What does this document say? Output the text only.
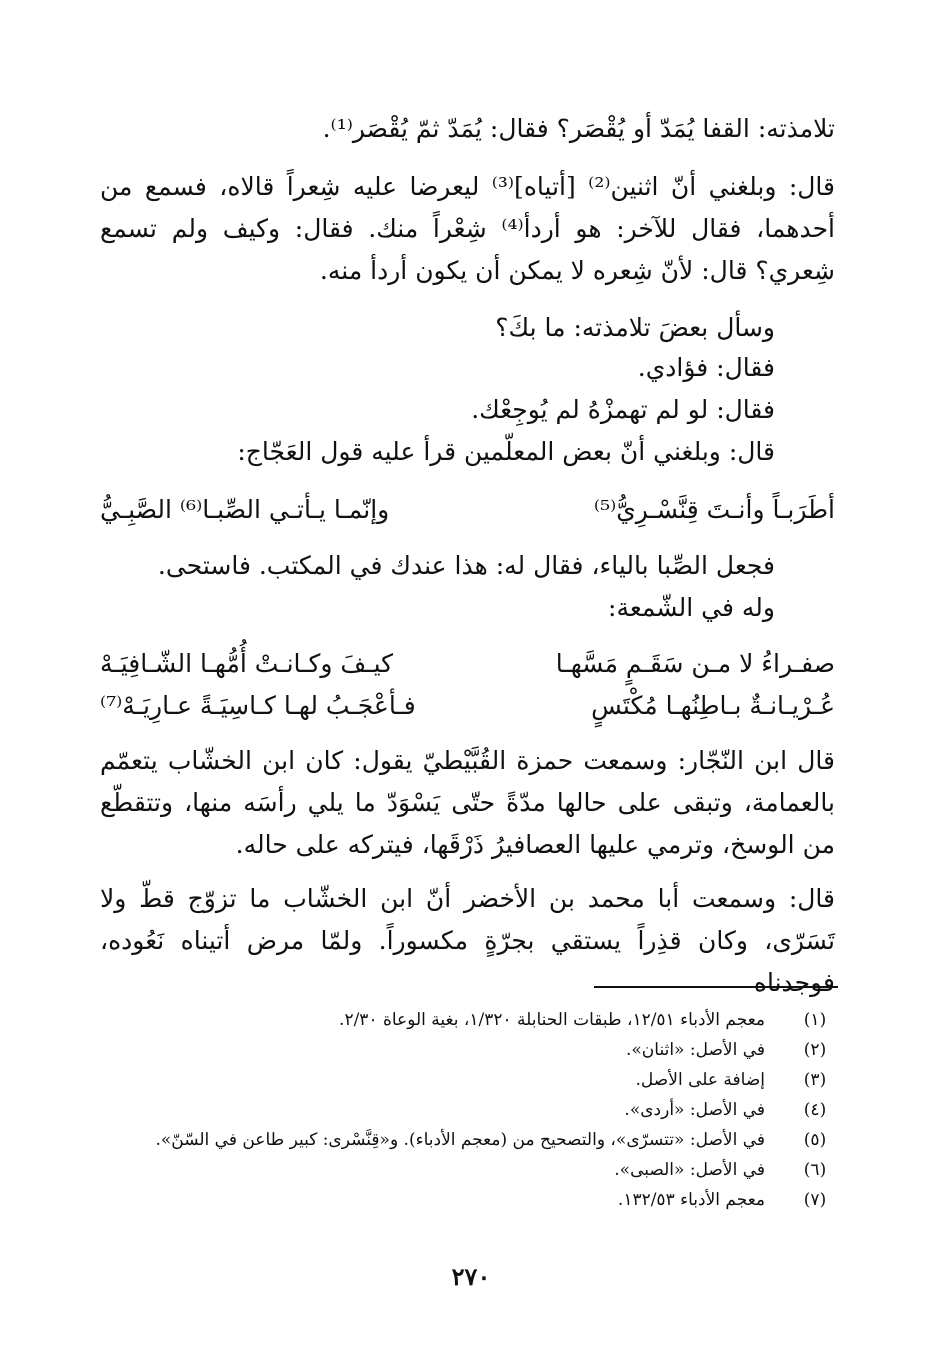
تلامذته: القفا يُمَدّ أو يُقْصَر؟ فقال: يُمَدّ ثمّ يُقْصَر⁽¹⁾.
قال: وبلغني أنّ اثنين⁽²⁾ [أتياه]⁽³⁾ ليعرضا عليه شِعراً قالاه، فسمع من أحدهما، فقال للآخر: هو أردأ⁽⁴⁾ شِعْراً منك. فقال: وكيف ولم تسمع شِعري؟ قال: لأنّ شِعره لا يمكن أن يكون أردأ منه.
وسأل بعضَ تلامذته: ما بكَ؟
فقال: فؤادي.
فقال: لو لم تهمزْهُ لم يُوجِعْك.
قال: وبلغني أنّ بعض المعلّمين قرأ عليه قول العَجّاج:
أطَرَبـاً وأنـتَ قِنَّسْـرِيُّ⁽⁵⁾
وإنّمـا يـأتـي الصِّبـا⁽⁶⁾ الصَّبِـيُّ
فجعل الصِّبا بالياء، فقال له: هذا عندك في المكتب. فاستحى.
وله في الشّمعة:
صفـراءُ لا مـن سَقَـمٍ مَسَّهـا
كيـفَ وكـانـتْ أُمُّهـا الشّـافِيَـهْ
عُـرْيـانـةٌ بـاطِنُهـا مُكْتَسٍ
فـأعْجَـبُ لهـا كـاسِيَـةً عـارِيَـهْ⁽⁷⁾
قال ابن النّجّار: وسمعت حمزة القُبَّيْطيّ يقول: كان ابن الخشّاب يتعمّم بالعمامة، وتبقى على حالها مدّةً حتّى يَسْوَدّ ما يلي رأسَه منها، وتتقطّع من الوسخ، وترمي عليها العصافيرُ ذَرْقَها، فيتركه على حاله.
قال: وسمعت أبا محمد بن الأخضر أنّ ابن الخشّاب ما تزوّج قطّ ولا تَسَرّى، وكان قذِراً يستقي بجرّةٍ مكسوراً. ولمّا مرض أتيناه نَعُوده، فوجدناه
(١)
معجم الأدباء ١٢/٥١، طبقات الحنابلة ١/٣٢٠، بغية الوعاة ٢/٣٠.
(٢)
في الأصل: «اثنان».
(٣)
إضافة على الأصل.
(٤)
في الأصل: «أردى».
(٥)
في الأصل: «تتسرّى»، والتصحيح من (معجم الأدباء). و«قِنَّسْرى: كبير طاعن في السّنّ».
(٦)
في الأصل: «الصبى».
(٧)
معجم الأدباء ١٣٢/٥٣.
٢٧٠
